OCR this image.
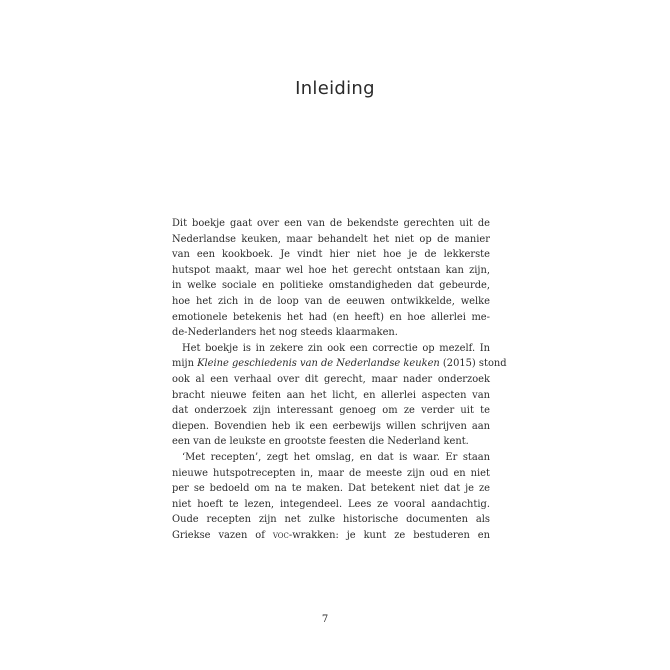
Inleiding
Dit boekje gaat over een van de bekendste gerechten uit de
Nederlandse keuken, maar behandelt het niet op de manier
van een kookboek. Je vindt hier niet hoe je de lekkerste
hutspot maakt, maar wel hoe het gerecht ontstaan kan zijn,
in welke sociale en politieke omstandigheden dat gebeurde,
hoe het zich in de loop van de eeuwen ontwikkelde, welke
emotionele betekenis het had (en heeft) en hoe allerlei me-
de-Nederlanders het nog steeds klaarmaken.
Het boekje is in zekere zin ook een correctie op mezelf. In
mijn Kleine geschiedenis van de Nederlandse keuken (2015) stond
ook al een verhaal over dit gerecht, maar nader onderzoek
bracht nieuwe feiten aan het licht, en allerlei aspecten van
dat onderzoek zijn interessant genoeg om ze verder uit te
diepen. Bovendien heb ik een eerbewijs willen schrijven aan
een van de leukste en grootste feesten die Nederland kent.
‘Met recepten’, zegt het omslag, en dat is waar. Er staan
nieuwe hutspotrecepten in, maar de meeste zijn oud en niet
per se bedoeld om na te maken. Dat betekent niet dat je ze
niet hoeft te lezen, integendeel. Lees ze vooral aandachtig.
Oude recepten zijn net zulke historische documenten als
Griekse vazen of voc-wrakken: je kunt ze bestuderen en
7
